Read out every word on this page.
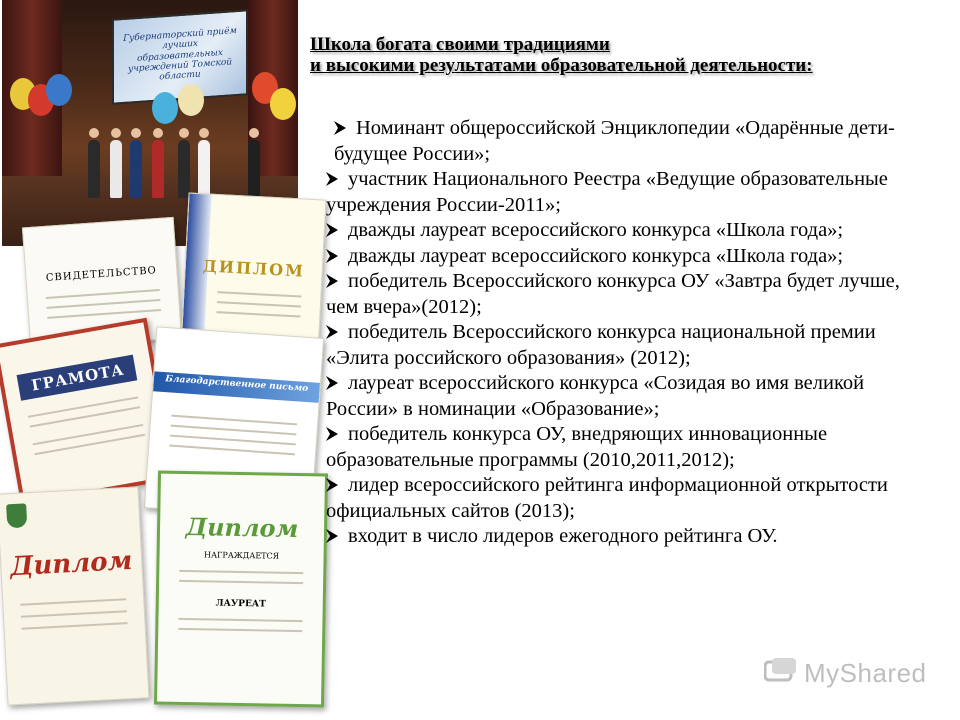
Губернаторский приём лучших образовательных учреждений Томской области
СВИДЕТЕЛЬСТВО	ДИПЛОМ
ГРАМОТА	Благодарственное письмо
Диплом
Диплом
НАГРАЖДАЕТСЯ
ЛАУРЕАТ
Школа богата своими традициями
и высокими результатами образовательной деятельности:
Номинант общероссийской Энциклопедии «Одарённые дети- будущее России»;
участник Национального Реестра «Ведущие образовательные учреждения России-2011»;
дважды лауреат всероссийского конкурса «Школа года»;
дважды лауреат всероссийского конкурса «Школа года»;
победитель Всероссийского конкурса ОУ «Завтра будет лучше, чем вчера»(2012);
победитель Всероссийского конкурса национальной премии «Элита российского образования» (2012);
лауреат всероссийского конкурса «Созидая во имя великой России» в номинации «Образование»;
победитель конкурса ОУ, внедряющих инновационные образовательные программы (2010,2011,2012);
лидер всероссийского рейтинга информационной открытости официальных сайтов (2013);
входит в число лидеров ежегодного рейтинга ОУ.
MyShared
